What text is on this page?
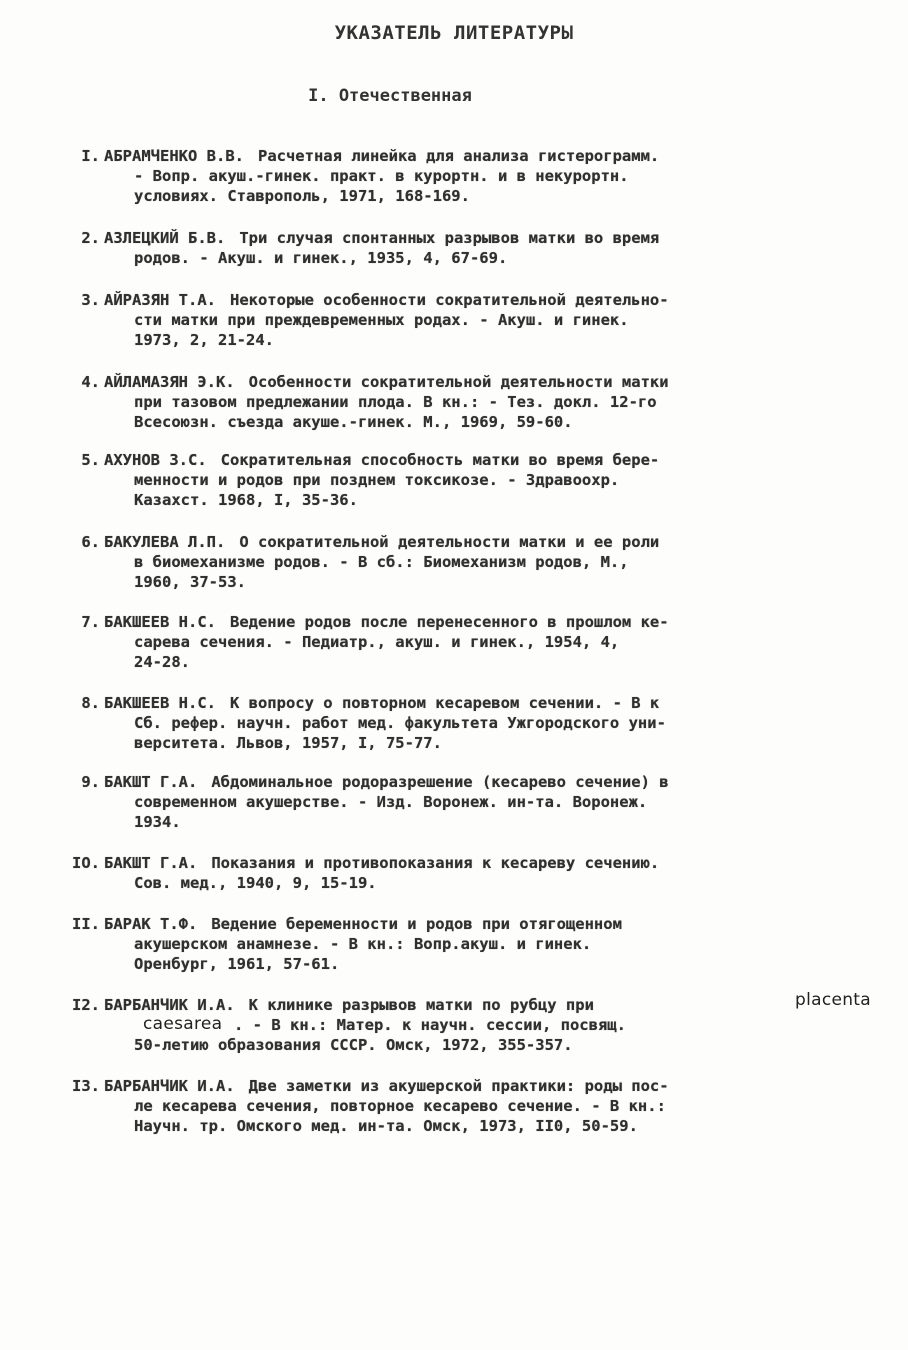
УКАЗАТЕЛЬ ЛИТЕРАТУРЫ
I. Отечественная
I. АБРАМЧЕНКО В.В. Расчетная линейка для анализа гистерограмм.
- Вопр. акуш.-гинек. практ. в курортн. и в некурортн.
условиях. Ставрополь, 1971, 168-169.
2. АЗЛЕЦКИЙ Б.В. Три случая спонтанных разрывов матки во время
родов. - Акуш. и гинек., 1935, 4, 67-69.
3. АЙРАЗЯН Т.А. Некоторые особенности сократительной деятельно-
сти матки при преждевременных родах. - Акуш. и гинек.
1973, 2, 21-24.
4. АЙЛАМАЗЯН Э.К. Особенности сократительной деятельности матки
при тазовом предлежании плода. В кн.: - Тез. докл. 12-го
Всесоюзн. съезда акуше.-гинек. М., 1969, 59-60.
5. АХУНОВ З.С. Сократительная способность матки во время бере-
менности и родов при позднем токсикозе. - Здравоохр.
Казахст. 1968, I, 35-36.
6. БАКУЛЕВА Л.П. О сократительной деятельности матки и ее роли
в биомеханизме родов. - В сб.: Биомеханизм родов, М.,
1960, 37-53.
7. БАКШЕЕВ Н.С. Ведение родов после перенесенного в прошлом ке-
сарева сечения. - Педиатр., акуш. и гинек., 1954, 4,
24-28.
8. БАКШЕЕВ Н.С. К вопросу о повторном кесаревом сечении. - В к
Сб. рефер. научн. работ мед. факультета Ужгородского уни-
верситета. Львов, 1957, I, 75-77.
9. БАКШТ Г.А. Абдоминальное родоразрешение (кесарево сечение) в
современном акушерстве. - Изд. Воронеж. ин-та. Воронеж.
1934.
IO. БАКШТ Г.А. Показания и противопоказания к кесареву сечению.
Сов. мед., 1940, 9, 15-19.
II. БАРАК Т.Ф. Ведение беременности и родов при отягощенном
акушерском анамнезе. - В кн.: Вопр.акуш. и гинек.
Оренбург, 1961, 57-61.
I2. БАРБАНЧИК И.А. К клинике разрывов матки по рубцу при
. - В кн.: Матер. к научн. сессии, посвящ.
50-летию образования СССР. Омск, 1972, 355-357.
I3. БАРБАНЧИК И.А. Две заметки из акушерской практики: роды пос-
ле кесарева сечения, повторное кесарево сечение. - В кн.:
Научн. тр. Омского мед. ин-та. Омск, 1973, II0, 50-59.
placenta
caesarea
